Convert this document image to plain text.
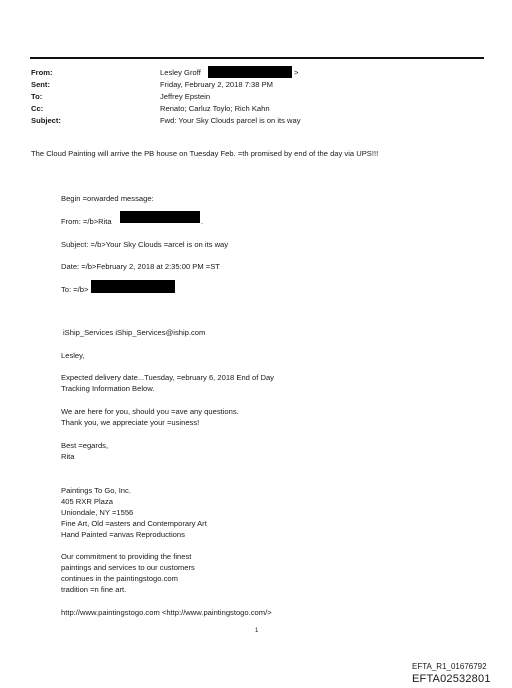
From:
Sent:
To:
Cc:
Subject:
Lesley Groff	>
Friday, February 2, 2018 7:38 PM
Jeffrey Epstein
Renato; Carluz Toylo; Rich Kahn
Fwd: Your Sky Clouds parcel is on its way
The Cloud Painting will arrive the PB house on Tuesday Feb. =th promised by end of the day via UPS!!!
Begin =orwarded message:
From: =/b>Rita	.
Subject: =/b>Your Sky Clouds =arcel is on its way
Date: =/b>February 2, 2018 at 2:35:00 PM =ST
To: =/b>
iShip_Services iShip_Services@iship.com
Lesley,
Expected delivery date...Tuesday, =ebruary 6, 2018 End of Day
Tracking Information Below.
We are here for you, should you =ave any questions.
Thank you, we appreciate your =usiness!
Best =egards,
Rita
Paintings To Go, Inc.
405 RXR Plaza
Uniondale, NY =1556
Fine Art, Old =asters and Contemporary Art
Hand Painted =anvas Reproductions
Our commitment to providing the finest
paintings and services to our customers
continues in the paintingstogo.com
tradition =n fine art.
http://www.paintingstogo.com <http://www.paintingstogo.com/>
1
EFTA_R1_01676792
EFTA02532801
